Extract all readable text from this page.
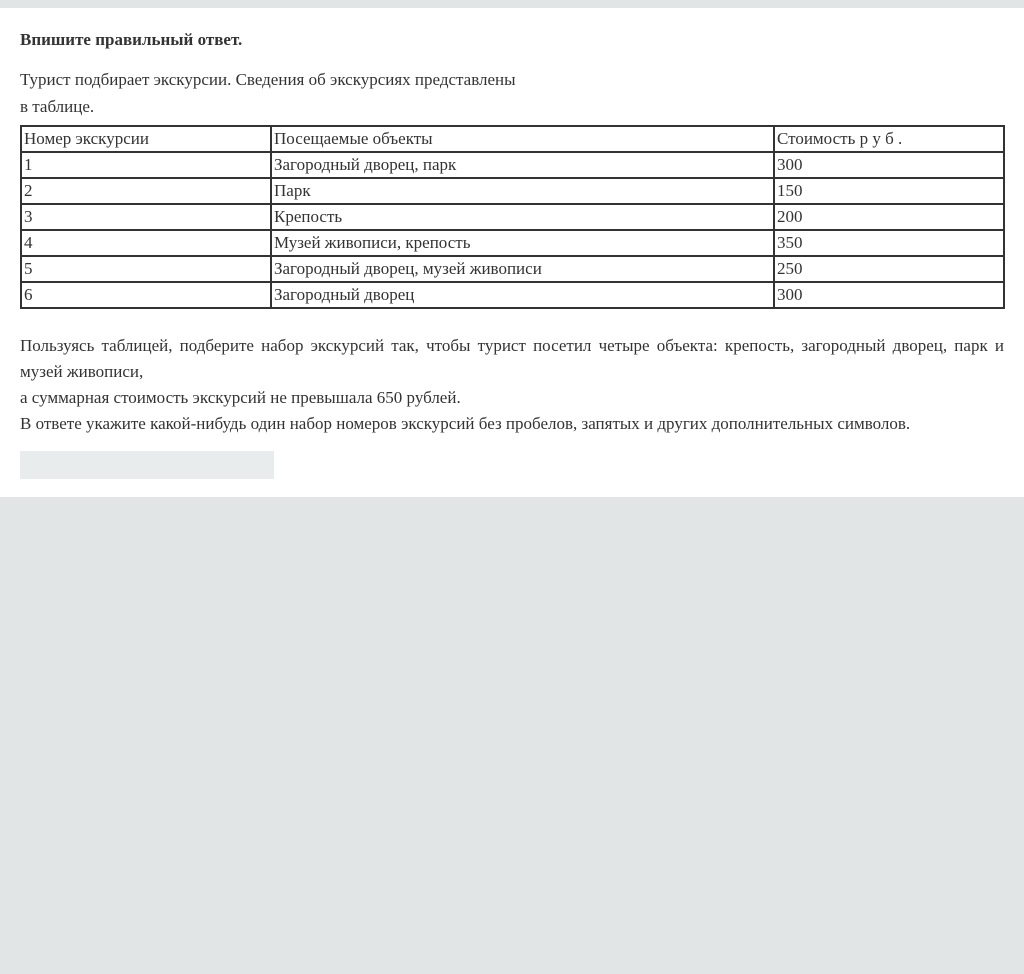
Впишите правильный ответ.
Турист подбирает экскурсии. Сведения об экскурсиях представлены
в таблице.
Номер экскурсии	Посещаемые объекты	Стоимость р у б .
1	Загородный дворец, парк	300
2	Парк	150
3	Крепость	200
4	Музей живописи, крепость	350
5	Загородный дворец, музей живописи	250
6	Загородный дворец	300
Пользуясь таблицей, подберите набор экскурсий так, чтобы турист посетил четыре объекта: крепость, загородный дворец, парк и музей живописи,
а суммарная стоимость экскурсий не превышала 650 рублей.
В ответе укажите какой-нибудь один набор номеров экскурсий без пробелов, запятых и других дополнительных символов.
